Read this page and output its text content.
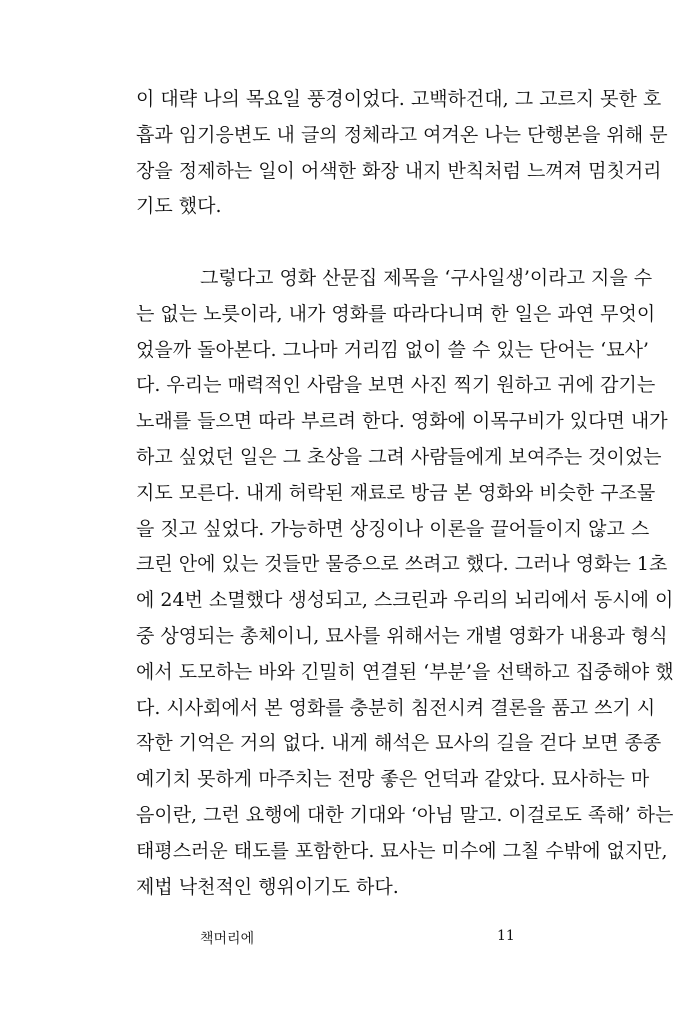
이 대략 나의 목요일 풍경이었다. 고백하건대, 그 고르지 못한 호
흡과 임기응변도 내 글의 정체라고 여겨온 나는 단행본을 위해 문
장을 정제하는 일이 어색한 화장 내지 반칙처럼 느껴져 멈칫거리
기도 했다.
그렇다고 영화 산문집 제목을 ‘구사일생’이라고 지을 수
는 없는 노릇이라, 내가 영화를 따라다니며 한 일은 과연 무엇이
었을까 돌아본다. 그나마 거리낌 없이 쓸 수 있는 단어는 ‘묘사’
다. 우리는 매력적인 사람을 보면 사진 찍기 원하고 귀에 감기는
노래를 들으면 따라 부르려 한다. 영화에 이목구비가 있다면 내가
하고 싶었던 일은 그 초상을 그려 사람들에게 보여주는 것이었는
지도 모른다. 내게 허락된 재료로 방금 본 영화와 비슷한 구조물
을 짓고 싶었다. 가능하면 상징이나 이론을 끌어들이지 않고 스
크린 안에 있는 것들만 물증으로 쓰려고 했다. 그러나 영화는 1초
에 24번 소멸했다 생성되고, 스크린과 우리의 뇌리에서 동시에 이
중 상영되는 총체이니, 묘사를 위해서는 개별 영화가 내용과 형식
에서 도모하는 바와 긴밀히 연결된 ‘부분’을 선택하고 집중해야 했
다. 시사회에서 본 영화를 충분히 침전시켜 결론을 품고 쓰기 시
작한 기억은 거의 없다. 내게 해석은 묘사의 길을 걷다 보면 종종
예기치 못하게 마주치는 전망 좋은 언덕과 같았다. 묘사하는 마
음이란, 그런 요행에 대한 기대와 ‘아님 말고. 이걸로도 족해’ 하는
태평스러운 태도를 포함한다. 묘사는 미수에 그칠 수밖에 없지만,
제법 낙천적인 행위이기도 하다.
책머리에	11
